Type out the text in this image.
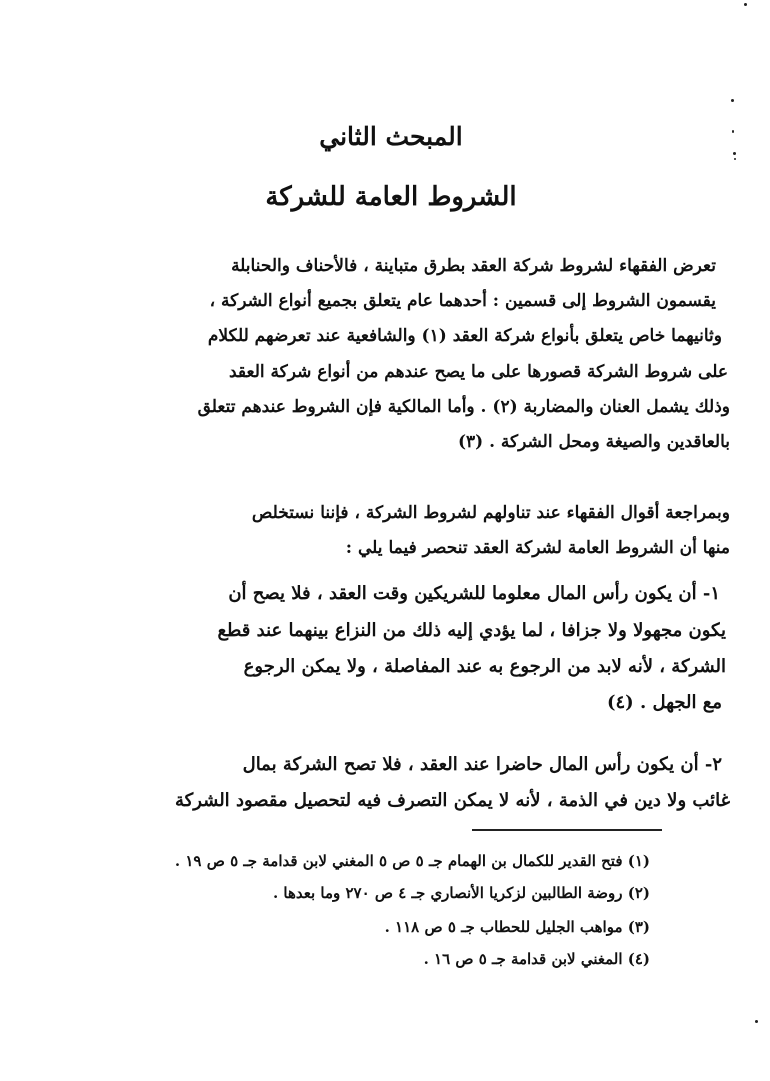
المبحث الثاني
الشروط العامة للشركة
تعرض الفقهاء لشروط شركة العقد بطرق متباينة ، فالأحناف والحنابلة
يقسمون الشروط إلى قسمين : أحدهما عام يتعلق بجميع أنواع الشركة ،
وثانيهما خاص يتعلق بأنواع شركة العقد (١) والشافعية عند تعرضهم للكلام
على شروط الشركة قصورها على ما يصح عندهم من أنواع شركة العقد
وذلك يشمل العنان والمضاربة (٢) . وأما المالكية فإن الشروط عندهم تتعلق
بالعاقدين والصيغة ومحل الشركة . (٣)
وبمراجعة أقوال الفقهاء عند تناولهم لشروط الشركة ، فإننا نستخلص
منها أن الشروط العامة لشركة العقد تنحصر فيما يلي :
١- أن يكون رأس المال معلوما للشريكين وقت العقد ، فلا يصح أن
يكون مجهولا ولا جزافا ، لما يؤدي إليه ذلك من النزاع بينهما عند قطع
الشركة ، لأنه لابد من الرجوع به عند المفاصلة ، ولا يمكن الرجوع
مع الجهل . (٤)
٢- أن يكون رأس المال حاضرا عند العقد ، فلا تصح الشركة بمال
غائب ولا دين في الذمة ، لأنه لا يمكن التصرف فيه لتحصيل مقصود الشركة
(١) فتح القدير للكمال بن الهمام جـ ٥ ص ٥ المغني لابن قدامة جـ ٥ ص ١٩ .
(٢) روضة الطالبين لزكريا الأنصاري جـ ٤ ص ٢٧٠ وما بعدها .
(٣) مواهب الجليل للحطاب جـ ٥ ص ١١٨ .
(٤) المغني لابن قدامة جـ ٥ ص ١٦ .
